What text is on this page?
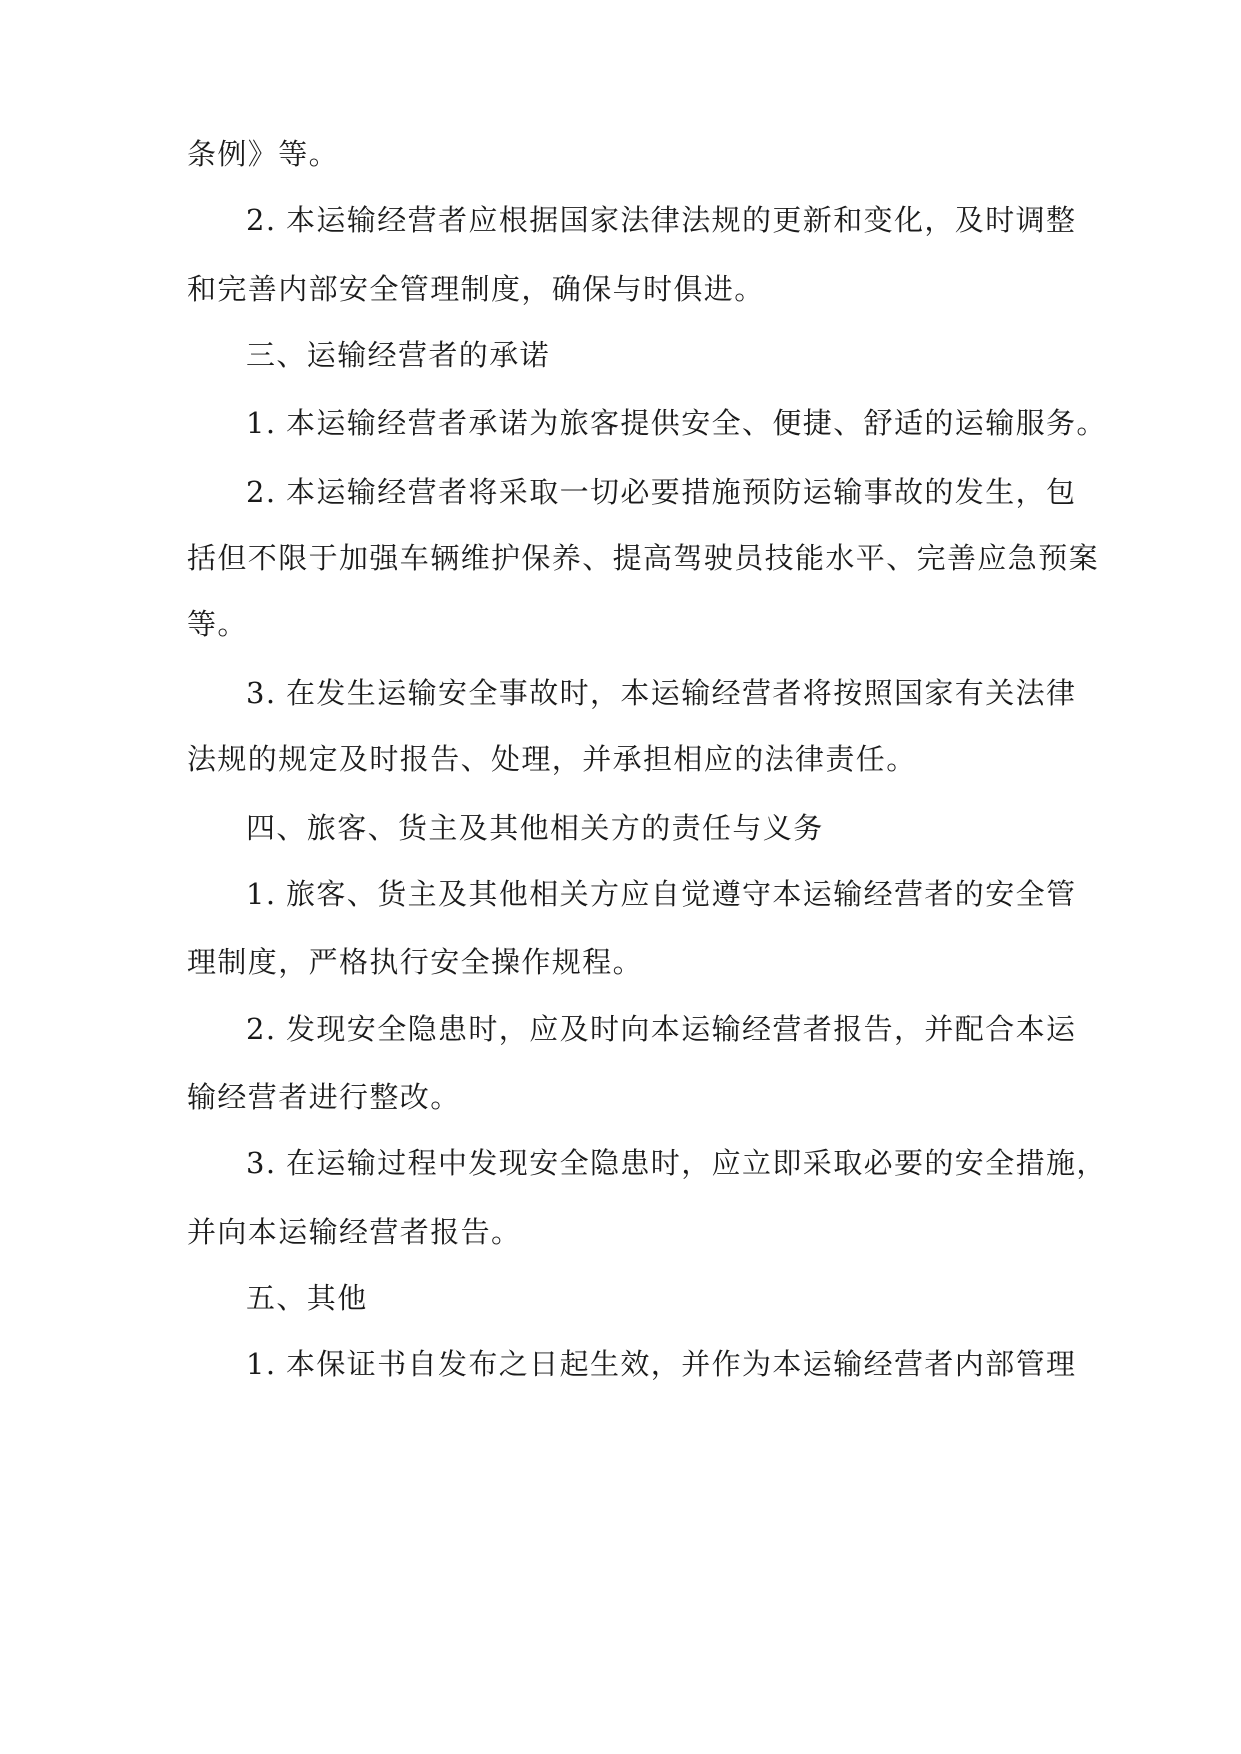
条例》等。
2. 本运输经营者应根据国家法律法规的更新和变化，及时调整
和完善内部安全管理制度，确保与时俱进。
三、运输经营者的承诺
1. 本运输经营者承诺为旅客提供安全、便捷、舒适的运输服务。
2. 本运输经营者将采取一切必要措施预防运输事故的发生，包
括但不限于加强车辆维护保养、提高驾驶员技能水平、完善应急预案
等。
3. 在发生运输安全事故时，本运输经营者将按照国家有关法律
法规的规定及时报告、处理，并承担相应的法律责任。
四、旅客、货主及其他相关方的责任与义务
1. 旅客、货主及其他相关方应自觉遵守本运输经营者的安全管
理制度，严格执行安全操作规程。
2. 发现安全隐患时，应及时向本运输经营者报告，并配合本运
输经营者进行整改。
3. 在运输过程中发现安全隐患时，应立即采取必要的安全措施，
并向本运输经营者报告。
五、其他
1. 本保证书自发布之日起生效，并作为本运输经营者内部管理
